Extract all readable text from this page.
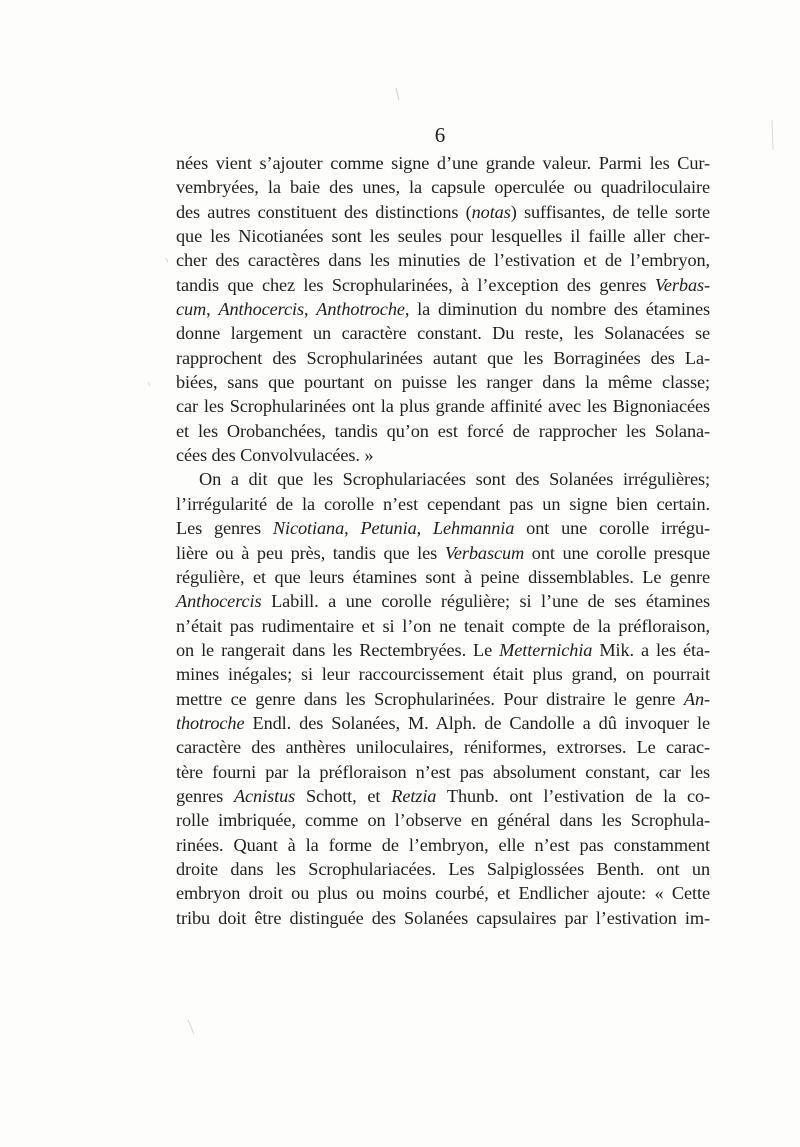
6
nées vient s’ajouter comme signe d’une grande valeur. Parmi les Cur-
vembryées, la baie des unes, la capsule operculée ou quadriloculaire
des autres constituent des distinctions (notas) suffisantes, de telle sorte
que les Nicotianées sont les seules pour lesquelles il faille aller cher-
cher des caractères dans les minuties de l’estivation et de l’embryon,
tandis que chez les Scrophularinées, à l’exception des genres Verbas-
cum, Anthocercis, Anthotroche, la diminution du nombre des étamines
donne largement un caractère constant. Du reste, les Solanacées se
rapprochent des Scrophularinées autant que les Borraginées des La-
biées, sans que pourtant on puisse les ranger dans la même classe;
car les Scrophularinées ont la plus grande affinité avec les Bignoniacées
et les Orobanchées, tandis qu’on est forcé de rapprocher les Solana-
cées des Convolvulacées. »
On a dit que les Scrophulariacées sont des Solanées irrégulières;
l’irrégularité de la corolle n’est cependant pas un signe bien certain.
Les genres Nicotiana, Petunia, Lehmannia ont une corolle irrégu-
lière ou à peu près, tandis que les Verbascum ont une corolle presque
régulière, et que leurs étamines sont à peine dissemblables. Le genre
Anthocercis Labill. a une corolle régulière; si l’une de ses étamines
n’était pas rudimentaire et si l’on ne tenait compte de la préfloraison,
on le rangerait dans les Rectembryées. Le Metternichia Mik. a les éta-
mines inégales; si leur raccourcissement était plus grand, on pourrait
mettre ce genre dans les Scrophularinées. Pour distraire le genre An-
thotroche Endl. des Solanées, M. Alph. de Candolle a dû invoquer le
caractère des anthères uniloculaires, réniformes, extrorses. Le carac-
tère fourni par la préfloraison n’est pas absolument constant, car les
genres Acnistus Schott, et Retzia Thunb. ont l’estivation de la co-
rolle imbriquée, comme on l’observe en général dans les Scrophula-
rinées. Quant à la forme de l’embryon, elle n’est pas constamment
droite dans les Scrophulariacées. Les Salpiglossées Benth. ont un
embryon droit ou plus ou moins courbé, et Endlicher ajoute: « Cette
tribu doit être distinguée des Solanées capsulaires par l’estivation im-
